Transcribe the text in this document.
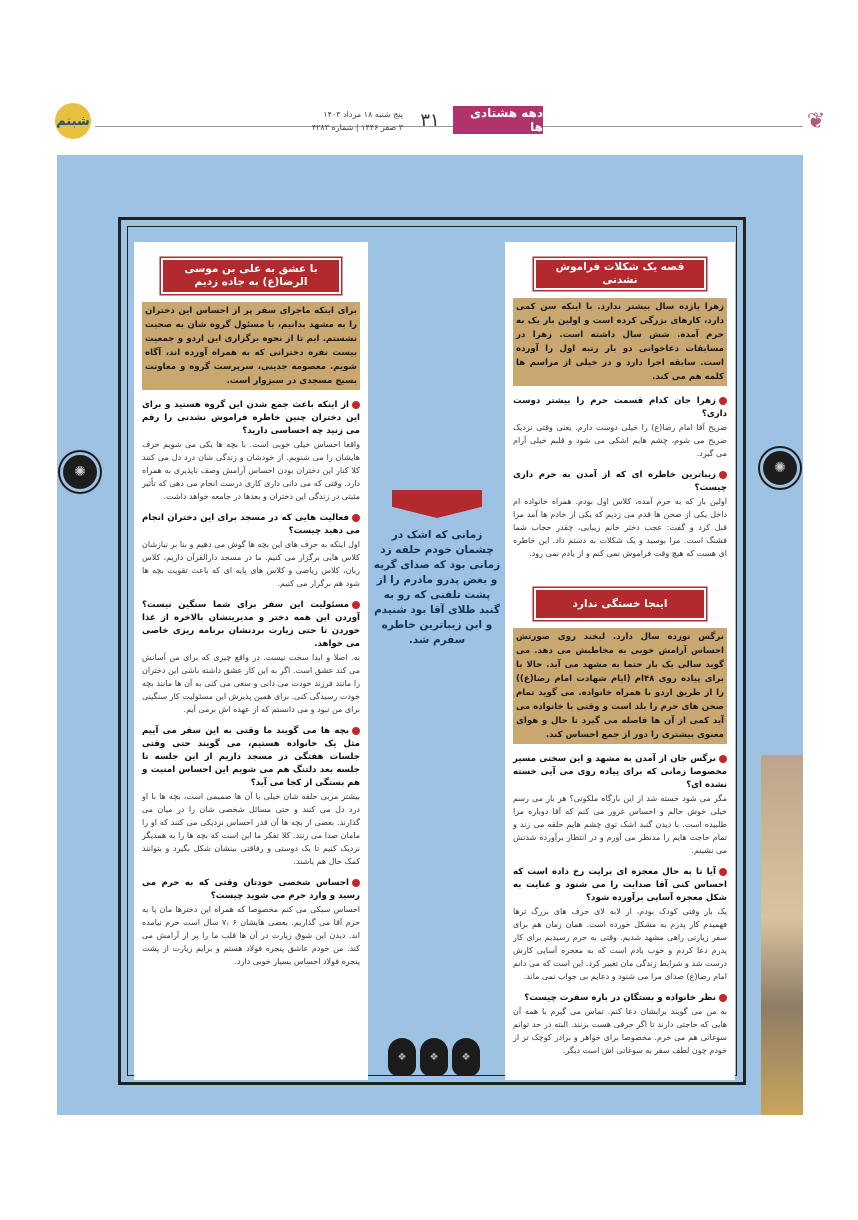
شبنم	پنج شنبه ۱۸ مرداد ۱۴۰۳
۳ صفر ۱۴۴۶ | شماره ۴۲۸۳ ۳۱	دهه هشتادی ها	❦
✺	✺
قصه یک شکلات فراموش نشدنی
زهرا یازده سال بیشتر ندارد. با اینکه سن کمی دارد، کارهای بزرگی کرده است و اولین بار یک به حرم آمده. شش سال داشته است. زهرا در مسابقات دعاخوانی دو بار رتبه اول را آورده است. سابقه اجرا دارد و در خیلی از مراسم ها کلمه هم می کند.
زهرا جان کدام قسمت حرم را بیشتر دوست داری؟
ضریح آقا امام رضا(ع) را خیلی دوست دارم. یعنی وقتی نزدیک ضریح می شوم، چشم هایم اشکی می شود و قلبم خیلی آرام می گیرد.
زیباترین خاطره ای که از آمدن به حرم داری چیست؟
اولین بار که به حرم آمده، کلاس اول بودم. همراه خانواده ام داخل یکی از صحن ها قدم می زدیم که یکی از خادم ها آمد مرا قبل کرد و گفت: عجب دختر خانم زیبایی، چقدر حجاب شما قشنگ است. مرا بوسید و یک شکلات به دستم داد. این خاطره ای هست که هیچ وقت فراموش نمی کنم و از یادم نمی رود.
اینجا خستگی ندارد
نرگس نوزده سال دارد. لبخند روی صورتش احساس آرامش خوبی به مخاطبش می دهد. می گوید سالی یک بار حتما به مشهد می آید. حالا با برای پیاده روی ۴۸ام (ایام شهادت امام رضا(ع)) را از طریق اردو با همراه خانواده. می گوید تمام صحن های حرم را بلد است و وقتی با خانواده می آید کمی از آن ها فاصله می گیرد تا حال و هوای معنوی بیشتری را دور از جمع احساس کند.
نرگس جان از آمدن به مشهد و این سختی مسیر مخصوصا زمانی که برای پیاده روی می آیی خسته نشده ای؟
مگر می شود خسته شد از این بارگاه ملکوتی؟ هر بار می رسم خیلی خوش حالم و احساس غرور می کنم که آقا دوباره مرا طلبیده است. با دیدن گنبد اشک توی چشم هایم حلقه می زند و تمام حاجت هایم را مدنظر می آورم و در انتظار برآورده شدنش می نشینم.
آیا تا به حال معجزه ای برایت رخ داده است که احساس کنی آقا صدایت را می شنود و عنایت به شکل معجزه آسایی برآورده شود؟
یک بار وقتی کودک بودم، از لابه لای حرف های بزرگ ترها فهمیدم کار پدرم به مشکل خورده است. همان زمان هم برای سفر زیارتی راهی مشهد شدیم. وقتی به حرم رسیدیم برای کار پدرم دعا کردم و خوب یادم است که به معجزه آسایی کارش درست شد و شرایط زندگی مان تغییر کرد. این است که می دانم امام رضا(ع) صدای مرا می شنود و دعایم بی جواب نمی ماند.
نظر خانواده و بستگان در باره سفرت چیست؟
به من می گویند برایشان دعا کنم. تماس می گیرم با همه آن هایی که حاجتی دارند تا اگر حرفی هست بزنند. البته در حد توانم سوغاتی هم می خرم. مخصوصا برای خواهر و برادر کوچک تر از خودم چون لطف سفر به سوغاتی اش است دیگر.
با عشق به علی بن موسی الرضا(ع) به جاده زدیم
برای اینکه ماجرای سفر پر از احساس این دختران را به مشهد بدانیم، با مسئول گروه شان به صحبت نشستم. ایم تا از نحوه برگزاری این اردو و جمعیت بیست نفره دخترانی که به همراه آورده اند، آگاه شویم. معصومه جدینی، سرپرست گروه و معاونت بسیج مسجدی در سبزوار است.
از اینکه باعث جمع شدن این گروه هستید و برای این دختران چنین خاطره فراموش نشدنی را رقم می زنید چه احساسی دارید؟
واقعا احساس خیلی خوبی است. با بچه ها یکی می شویم حرف هایشان را می شنویم. از خودشان و زندگی شان درد دل می کنند کلا کنار این دختران بودن احساس آرامش وصف ناپذیری به همراه دارد. وقتی که می دانی داری کاری درست انجام می دهی که تأثیر مثبتی در زندگی این دختران و بعدها در جامعه خواهد داشت.
فعالیت هایی که در مسجد برای این دختران انجام می دهید چیست؟
اول اینکه به حرف های این بچه ها گوش می دهیم و بنا بر نیازشان کلاس هایی برگزار می کنیم. ما در مسجد دارالقرآن داریم، کلاس زبان، کلاس ریاضی و کلاس های پایه ای که باعث تقویت بچه ها شود هم برگزار می کنیم.
مسئولیت این سفر برای شما سنگین نیست؟ آوردن این همه دختر و مدیریتشان بالاخره از غذا خوردن تا حتی زیارت بردنشان برنامه ریزی خاصی می خواهد.
نه. اصلا و ابدا سخت نیست. در واقع چیزی که برای من آسانش می کند عشق است. اگر به این کار عشق داشته باشی این دختران را مانند فرزند خودت می دانی و سعی می کنی به آن ها مانند بچه خودت رسیدگی کنی. برای همین پذیرش این مسئولیت کار سنگینی برای من نبود و می دانستم که از عهده اش برمی آیم.
بچه ها می گویند ما وقتی به این سفر می آییم مثل یک خانواده هستیم، می گویند حتی وقتی جلسات هفتگی در مسجد داریم از این جلسه تا جلسه بعد دلتنگ هم می شویم این احساس امنیت و هم بستگی از کجا می آید؟
بیشتر مربی حلقه شان خیلی با آن ها صمیمی است، بچه ها با او درد دل می کنند و حتی مسائل شخصی شان را در میان می گذارند. بعضی از بچه ها آن قدر احساس نزدیکی می کنند که او را مامان صدا می زنند. کلا تفکر ما این است که بچه ها را به همدیگر نزدیک کنیم تا یک دوستی و رفاقتی بینشان شکل بگیرد و بتوانند کمک حال هم باشند.
احساس شخصی خودتان وقتی که به حرم می رسید و وارد حرم می شوید چیست؟
احساس سبکی می کنم مخصوصا که همراه این دخترها مان پا به حرم آقا می گذاریم. بعضی هایشان ۶ ،۷ سال است حرم نیامده اند. دیدن این شوق زیارت در آن ها قلب ما را پر از آرامش می کند. من خودم عاشق پنجره فولاد هستم و برایم زیارت از پشت پنجره فولاد احساس بسیار خوبی دارد.
زمانی که اشک در چشمان خودم حلقه زد زمانی بود که صدای گریه و بغض پدرو مادرم را از پشت تلفنی که رو به گنبد طلای آقا بود شنیدم و این زیباترین خاطره سفرم شد.
❖	❖	❖
